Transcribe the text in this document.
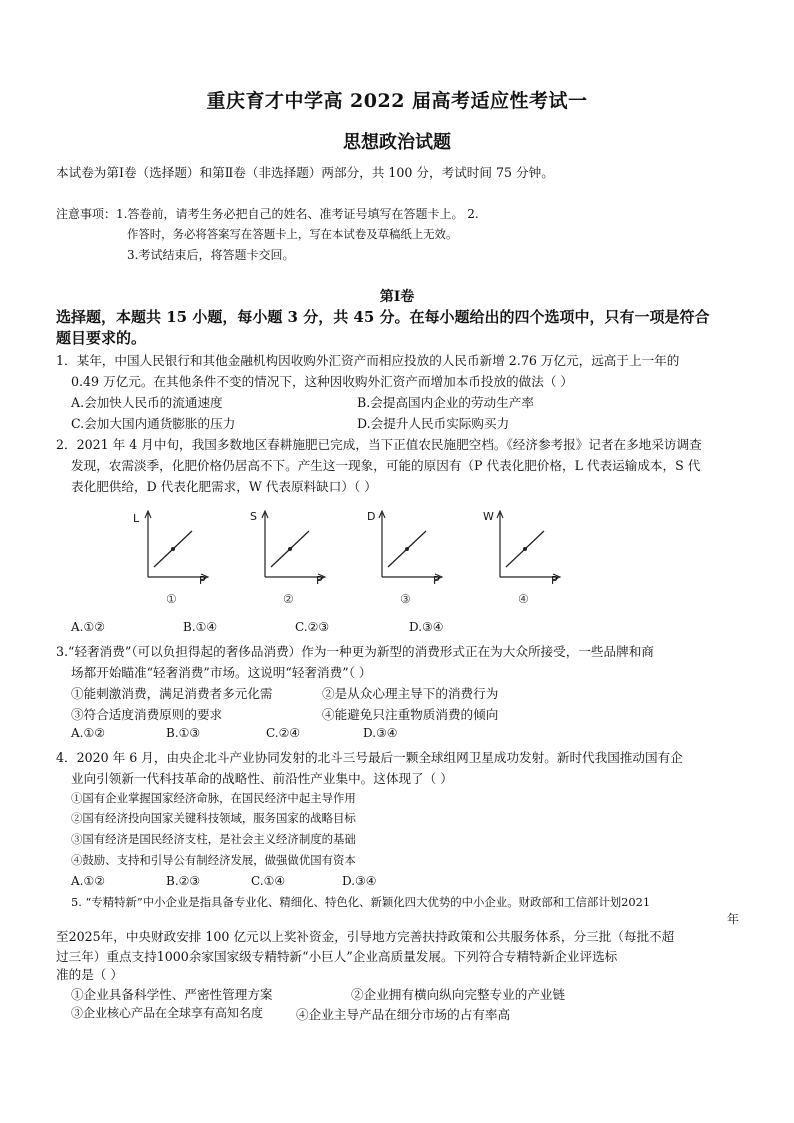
重庆育才中学高 2022 届高考适应性考试一
思想政治试题
本试卷为第Ⅰ卷（选择题）和第Ⅱ卷（非选择题）两部分，共 100 分，考试时间 75 分钟。
注意事项：1.答卷前，请考生务必把自己的姓名、准考证号填写在答题卡上。 2.
作答时，务必将答案写在答题卡上，写在本试卷及草稿纸上无效。
3.考试结束后，将答题卡交回。
第Ⅰ卷
选择题，本题共 15 小题，每小题 3 分，共 45 分。在每小题给出的四个选项中，只有一项是符合
题目要求的。
1．某年，中国人民银行和其他金融机构因收购外汇资产而相应投放的人民币新增 2.76 万亿元，远高于上一年的
0.49 万亿元。在其他条件不变的情况下，这种因收购外汇资产而增加本币投放的做法（ ）
A.会加快人民币的流通速度	B.会提高国内企业的劳动生产率
C.会加大国内通货膨胀的压力	D.会提升人民币实际购买力
2．2021 年 4 月中旬，我国多数地区春耕施肥已完成，当下正值农民施肥空档。《经济参考报》记者在多地采访调查
发现，农需淡季，化肥价格仍居高不下。产生这一现象，可能的原因有（P 代表化肥价格，L 代表运输成本，S 代
表化肥供给，D 代表化肥需求，W 代表原料缺口）（ ）
L
P
①
S
P
②
D
P
③
W
P
④
A.①②	B.①④	C.②③	D.③④
3.“轻奢消费”（可以负担得起的奢侈品消费）作为一种更为新型的消费形式正在为大众所接受，一些品牌和商
场都开始瞄准“轻奢消费”市场。这说明“轻奢消费”（ ）
①能刺激消费，满足消费者多元化需	②是从众心理主导下的消费行为
③符合适度消费原则的要求	④能避免只注重物质消费的倾向
A.①②	B.①③	C.②④	D.③④
4．2020 年 6 月，由央企北斗产业协同发射的北斗三号最后一颗全球组网卫星成功发射。新时代我国推动国有企
业向引领新一代科技革命的战略性、前沿性产业集中。这体现了（ ）
①国有企业掌握国家经济命脉，在国民经济中起主导作用
②国有经济投向国家关键科技领域，服务国家的战略目标
③国有经济是国民经济支柱，是社会主义经济制度的基础
④鼓励、支持和引导公有制经济发展，做强做优国有资本
A.①②	B.②③	C.①④	D.③④
5. “专精特新”中小企业是指具备专业化、精细化、特色化、新颖化四大优势的中小企业。财政部和工信部计划2021
年
至2025年，中央财政安排 100 亿元以上奖补资金，引导地方完善扶持政策和公共服务体系，分三批（每批不超
过三年）重点支持1000余家国家级专精特新“小巨人”企业高质量发展。下列符合专精特新企业评选标
准的是（ ）
①企业具备科学性、严密性管理方案	②企业拥有横向纵向完整专业的产业链
③企业核心产品在全球享有高知名度	④企业主导产品在细分市场的占有率高
